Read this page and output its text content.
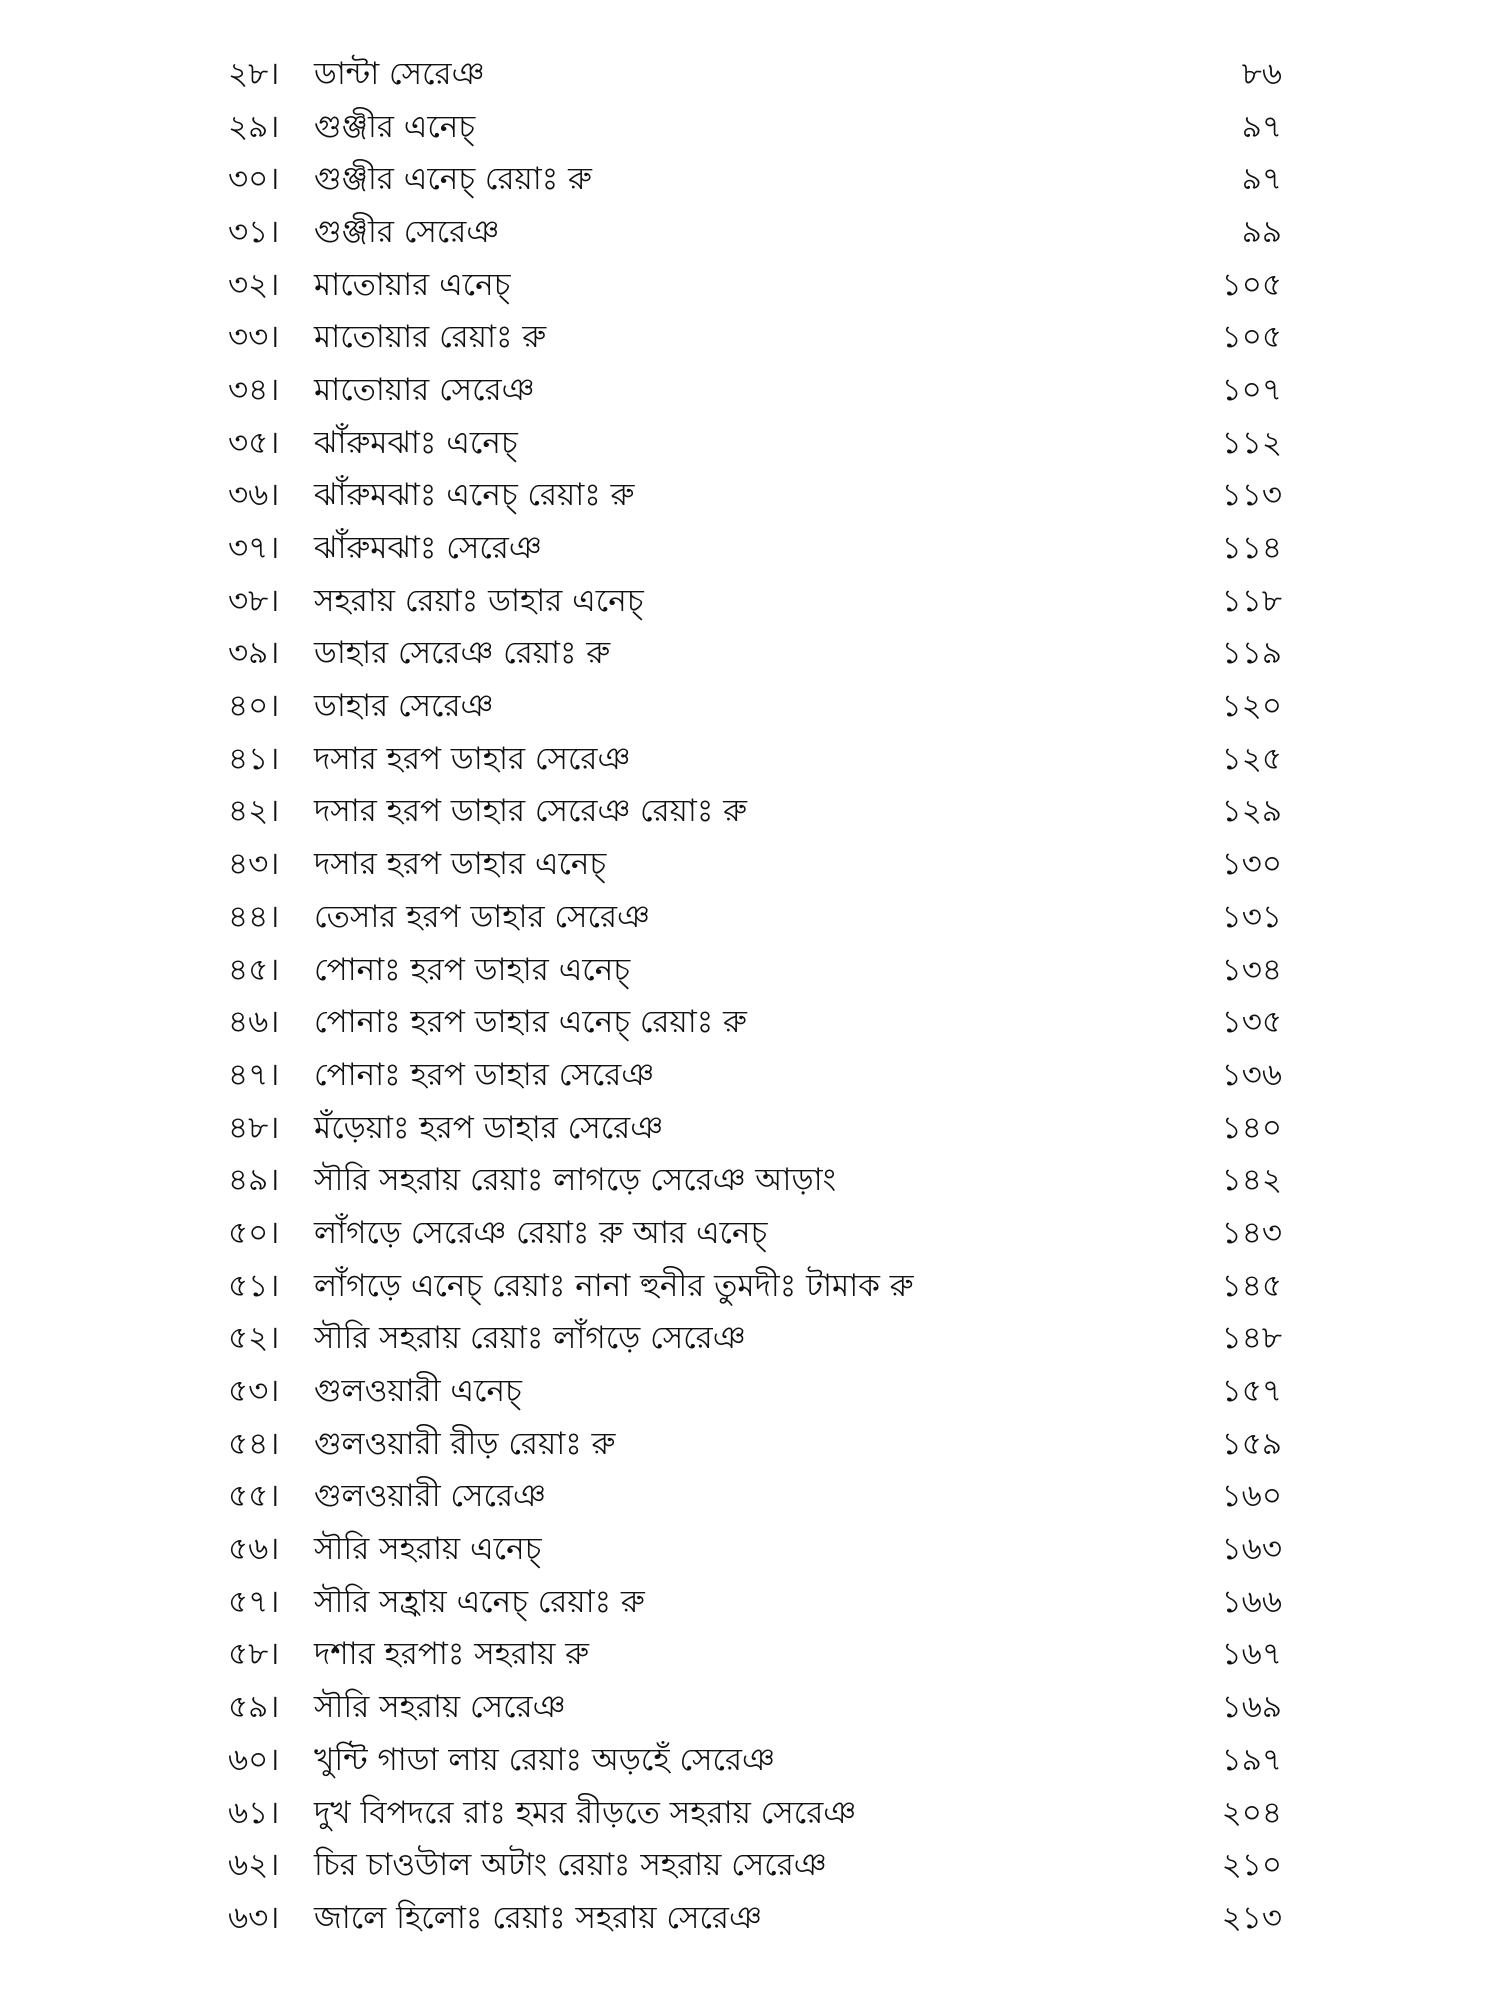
২৮।	ডান্টা সেরেঞ	৮৬
২৯।	গুঞ্জীর এনেচ্	৯৭
৩০।	গুঞ্জীর এনেচ্ রেয়াঃ রু	৯৭
৩১।	গুঞ্জীর সেরেঞ	৯৯
৩২।	মাতোয়ার এনেচ্	১০৫
৩৩।	মাতোয়ার রেয়াঃ রু	১০৫
৩৪।	মাতোয়ার সেরেঞ	১০৭
৩৫।	ঝাঁরুমঝাঃ এনেচ্	১১২
৩৬।	ঝাঁরুমঝাঃ এনেচ্ রেয়াঃ রু	১১৩
৩৭।	ঝাঁরুমঝাঃ সেরেঞ	১১৪
৩৮।	সহরায় রেয়াঃ ডাহার এনেচ্	১১৮
৩৯।	ডাহার সেরেঞ রেয়াঃ রু	১১৯
৪০।	ডাহার সেরেঞ	১২০
৪১।	দসার হরপ ডাহার সেরেঞ	১২৫
৪২।	দসার হরপ ডাহার সেরেঞ রেয়াঃ রু	১২৯
৪৩।	দসার হরপ ডাহার এনেচ্	১৩০
৪৪।	তেসার হরপ ডাহার সেরেঞ	১৩১
৪৫।	পোনাঃ হরপ ডাহার এনেচ্	১৩৪
৪৬।	পোনাঃ হরপ ডাহার এনেচ্ রেয়াঃ রু	১৩৫
৪৭।	পোনাঃ হরপ ডাহার সেরেঞ	১৩৬
৪৮।	মঁড়েয়াঃ হরপ ডাহার সেরেঞ	১৪০
৪৯।	সৗরি সহরায় রেয়াঃ লাগড়ে সেরেঞ আড়াং	১৪২
৫০।	লাঁগড়ে সেরেঞ রেয়াঃ রু আর এনেচ্	১৪৩
৫১।	লাঁগড়ে এনেচ্ রেয়াঃ নানা হুনীর তুমদীঃ টামাক রু	১৪৫
৫২।	সৗরি সহরায় রেয়াঃ লাঁগড়ে সেরেঞ	১৪৮
৫৩।	গুলওয়ারী এনেচ্	১৫৭
৫৪।	গুলওয়ারী রীড় রেয়াঃ রু	১৫৯
৫৫।	গুলওয়ারী সেরেঞ	১৬০
৫৬।	সৗরি সহরায় এনেচ্	১৬৩
৫৭।	সৗরি সহ্রায় এনেচ্ রেয়াঃ রু	১৬৬
৫৮।	দশার হরপাঃ সহরায় রু	১৬৭
৫৯।	সৗরি সহরায় সেরেঞ	১৬৯
৬০।	খুন্টি গাডা লায় রেয়াঃ অড়হেঁ সেরেঞ	১৯৭
৬১।	দুখ বিপদরে রাঃ হমর রীড়তে সহরায় সেরেঞ	২০৪
৬২।	চির চাওউাল অটাং রেয়াঃ সহরায় সেরেঞ	২১০
৬৩।	জালে হিলোঃ রেয়াঃ সহরায় সেরেঞ	২১৩
